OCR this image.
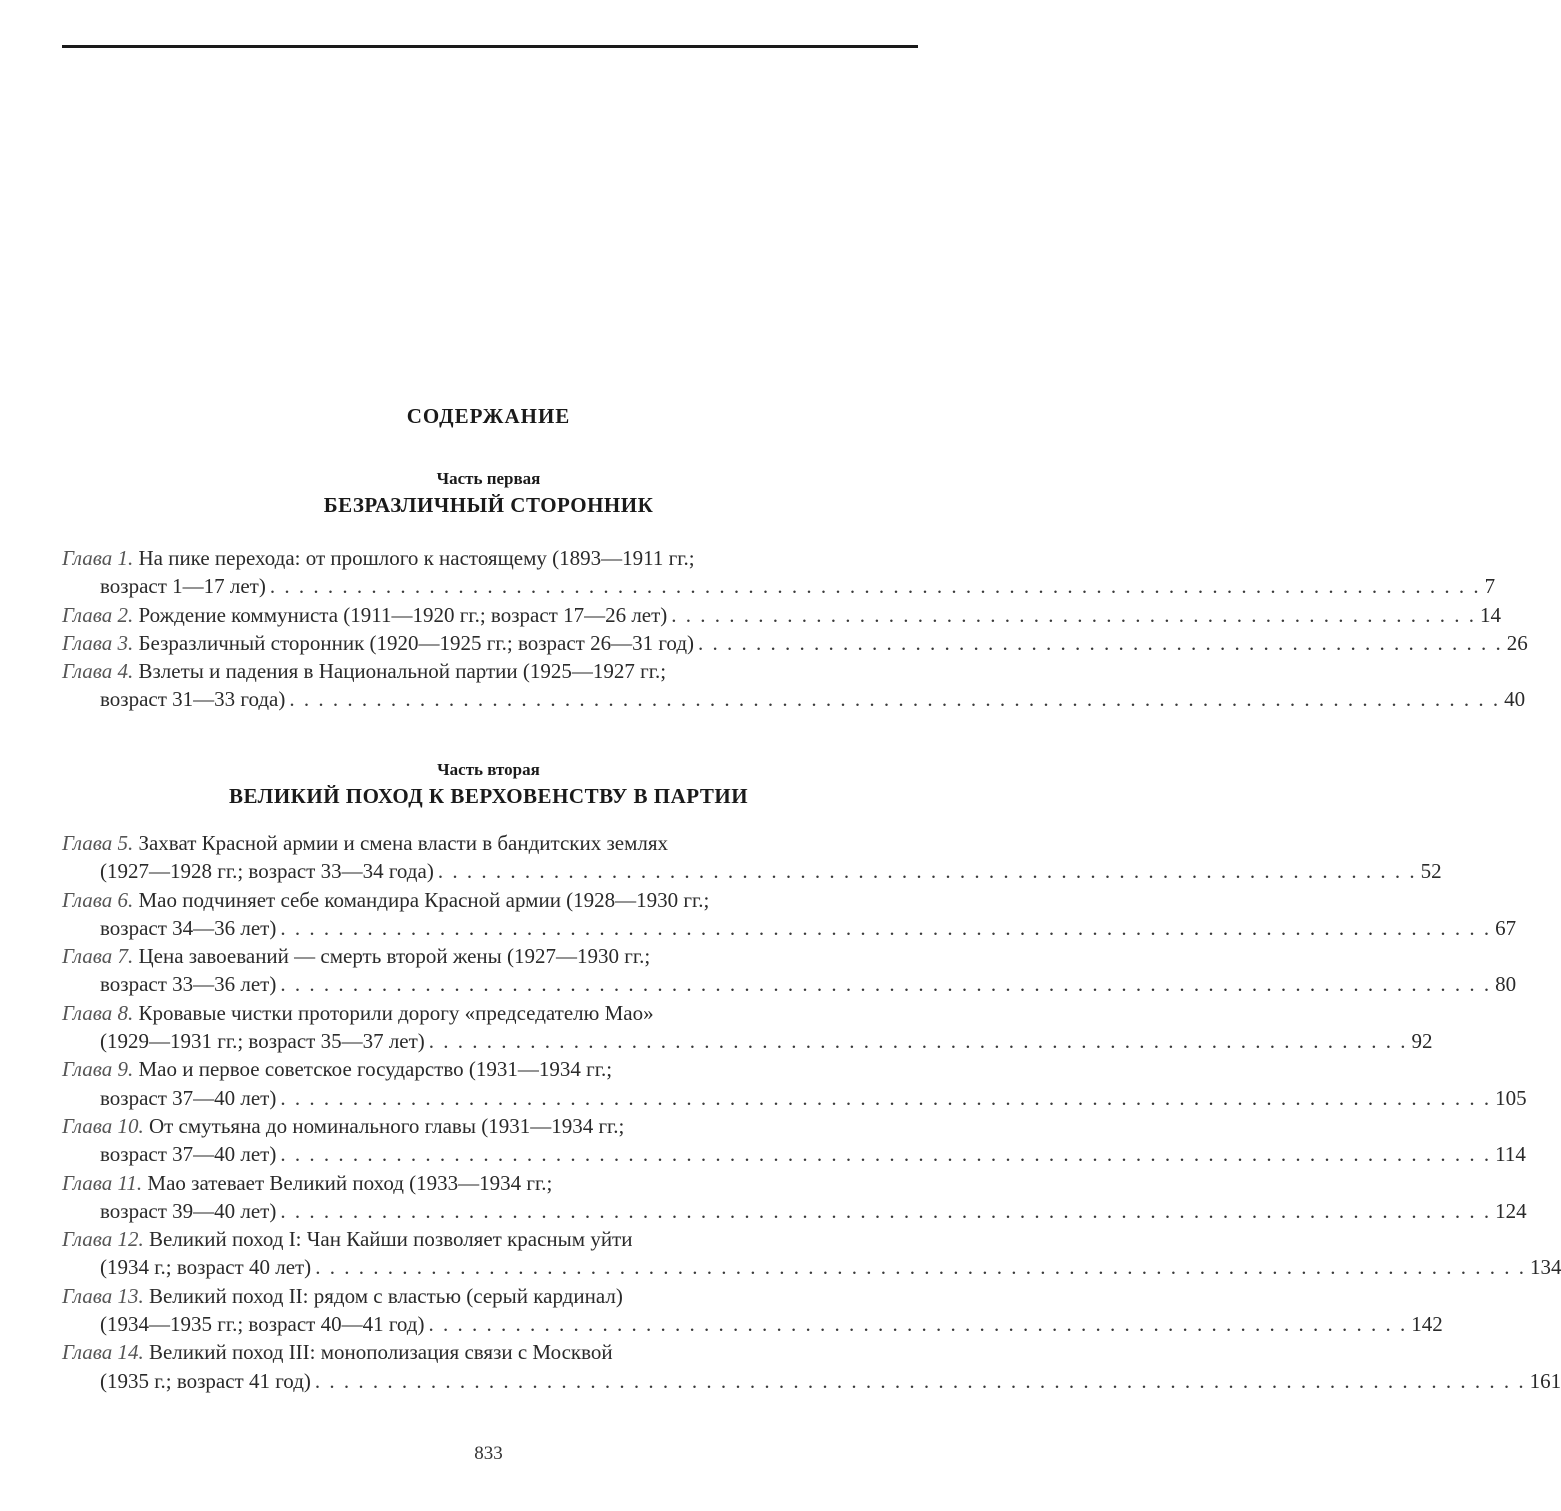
СОДЕРЖАНИЕ
Часть первая
БЕЗРАЗЛИЧНЫЙ СТОРОННИК
Глава 1. На пике перехода: от прошлого к настоящему (1893—1911 гг.;
возраст 1—17 лет) . . . . . . . . . . . . . . . . . . . . . . . . . . . . . . . . . . . . . . . . . . . . . . . . . . . . . . . . . . . . . . . . . . . . . . . . . . . . . . . . . . . . 7
Глава 2. Рождение коммуниста (1911—1920 гг.; возраст 17—26 лет) . . . . . . . . . . . . . . . . . . . . . . . . . . . . . . . . . . . . . . . . . . . . . . . . . . . . . . . . 14
Глава 3. Безразличный сторонник (1920—1925 гг.; возраст 26—31 год) . . . . . . . . . . . . . . . . . . . . . . . . . . . . . . . . . . . . . . . . . . . . . . . . . . . . . . . . 26
Глава 4. Взлеты и падения в Национальной партии (1925—1927 гг.;
возраст 31—33 года) . . . . . . . . . . . . . . . . . . . . . . . . . . . . . . . . . . . . . . . . . . . . . . . . . . . . . . . . . . . . . . . . . . . . . . . . . . . . . . . . . . . . 40
Часть вторая
ВЕЛИКИЙ ПОХОД К ВЕРХОВЕНСТВУ В ПАРТИИ
Глава 5. Захват Красной армии и смена власти в бандитских землях
(1927—1928 гг.; возраст 33—34 года) . . . . . . . . . . . . . . . . . . . . . . . . . . . . . . . . . . . . . . . . . . . . . . . . . . . . . . . . . . . . . . . . . . . . 52
Глава 6. Мао подчиняет себе командира Красной армии (1928—1930 гг.;
возраст 34—36 лет) . . . . . . . . . . . . . . . . . . . . . . . . . . . . . . . . . . . . . . . . . . . . . . . . . . . . . . . . . . . . . . . . . . . . . . . . . . . . . . . . . . . . 67
Глава 7. Цена завоеваний — смерть второй жены (1927—1930 гг.;
возраст 33—36 лет) . . . . . . . . . . . . . . . . . . . . . . . . . . . . . . . . . . . . . . . . . . . . . . . . . . . . . . . . . . . . . . . . . . . . . . . . . . . . . . . . . . . . 80
Глава 8. Кровавые чистки проторили дорогу «председателю Мао»
(1929—1931 гг.; возраст 35—37 лет) . . . . . . . . . . . . . . . . . . . . . . . . . . . . . . . . . . . . . . . . . . . . . . . . . . . . . . . . . . . . . . . . . . . . 92
Глава 9. Мао и первое советское государство (1931—1934 гг.;
возраст 37—40 лет) . . . . . . . . . . . . . . . . . . . . . . . . . . . . . . . . . . . . . . . . . . . . . . . . . . . . . . . . . . . . . . . . . . . . . . . . . . . . . . . . . . . . 105
Глава 10. От смутьяна до номинального главы (1931—1934 гг.;
возраст 37—40 лет) . . . . . . . . . . . . . . . . . . . . . . . . . . . . . . . . . . . . . . . . . . . . . . . . . . . . . . . . . . . . . . . . . . . . . . . . . . . . . . . . . . . . 114
Глава 11. Мао затевает Великий поход (1933—1934 гг.;
возраст 39—40 лет) . . . . . . . . . . . . . . . . . . . . . . . . . . . . . . . . . . . . . . . . . . . . . . . . . . . . . . . . . . . . . . . . . . . . . . . . . . . . . . . . . . . . 124
Глава 12. Великий поход I: Чан Кайши позволяет красным уйти
(1934 г.; возраст 40 лет) . . . . . . . . . . . . . . . . . . . . . . . . . . . . . . . . . . . . . . . . . . . . . . . . . . . . . . . . . . . . . . . . . . . . . . . . . . . . . . . . . . . . 134
Глава 13. Великий поход II: рядом с властью (серый кардинал)
(1934—1935 гг.; возраст 40—41 год) . . . . . . . . . . . . . . . . . . . . . . . . . . . . . . . . . . . . . . . . . . . . . . . . . . . . . . . . . . . . . . . . . . . . 142
Глава 14. Великий поход III: монополизация связи с Москвой
(1935 г.; возраст 41 год) . . . . . . . . . . . . . . . . . . . . . . . . . . . . . . . . . . . . . . . . . . . . . . . . . . . . . . . . . . . . . . . . . . . . . . . . . . . . . . . . . . . . 161
833
